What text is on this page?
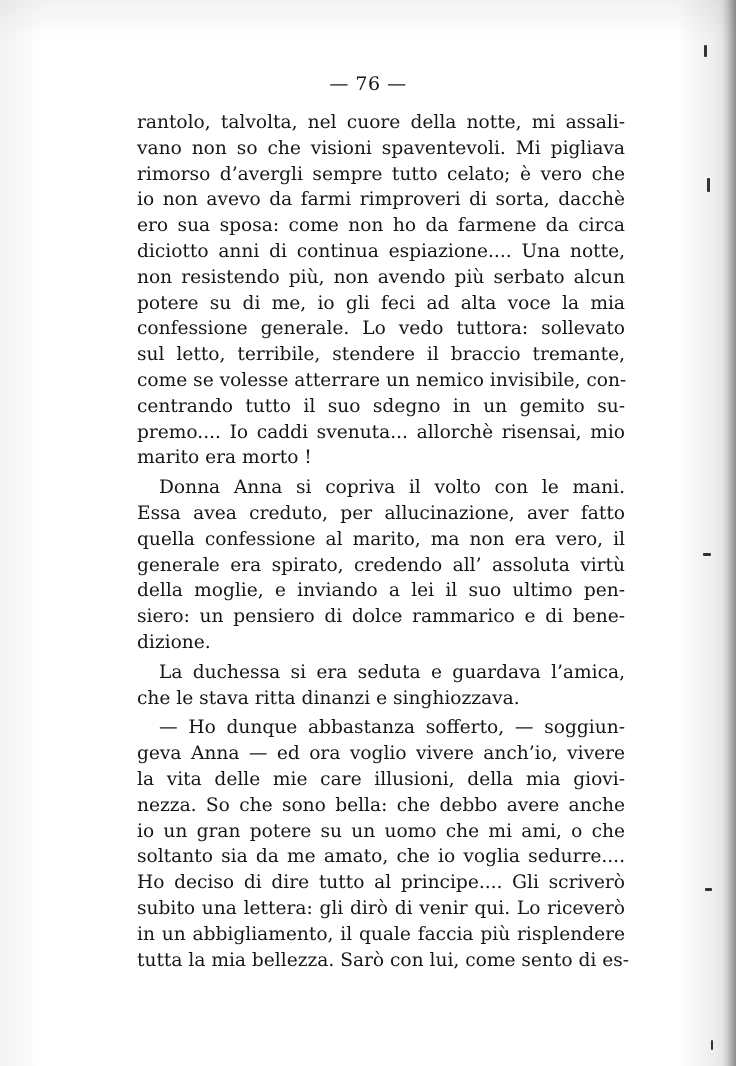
— 76 —
rantolo, talvolta, nel cuore della notte, mi assali-
vano non so che visioni spaventevoli. Mi pigliava
rimorso d’avergli sempre tutto celato; è vero che
io non avevo da farmi rimproveri di sorta, dacchè
ero sua sposa: come non ho da farmene da circa
diciotto anni di continua espiazione.... Una notte,
non resistendo più, non avendo più serbato alcun
potere su di me, io gli feci ad alta voce la mia
confessione generale. Lo vedo tuttora: sollevato
sul letto, terribile, stendere il braccio tremante,
come se volesse atterrare un nemico invisibile, con-
centrando tutto il suo sdegno in un gemito su-
premo.... Io caddi svenuta... allorchè risensai, mio
marito era morto !
Donna Anna si copriva il volto con le mani.
Essa avea creduto, per allucinazione, aver fatto
quella confessione al marito, ma non era vero, il
generale era spirato, credendo all’ assoluta virtù
della moglie, e inviando a lei il suo ultimo pen-
siero: un pensiero di dolce rammarico e di bene-
dizione.
La duchessa si era seduta e guardava l’amica,
che le stava ritta dinanzi e singhiozzava.
— Ho dunque abbastanza sofferto, — soggiun-
geva Anna — ed ora voglio vivere anch’io, vivere
la vita delle mie care illusioni, della mia giovi-
nezza. So che sono bella: che debbo avere anche
io un gran potere su un uomo che mi ami, o che
soltanto sia da me amato, che io voglia sedurre....
Ho deciso di dire tutto al principe.... Gli scriverò
subito una lettera: gli dirò di venir qui. Lo riceverò
in un abbigliamento, il quale faccia più risplendere
tutta la mia bellezza. Sarò con lui, come sento di es-
